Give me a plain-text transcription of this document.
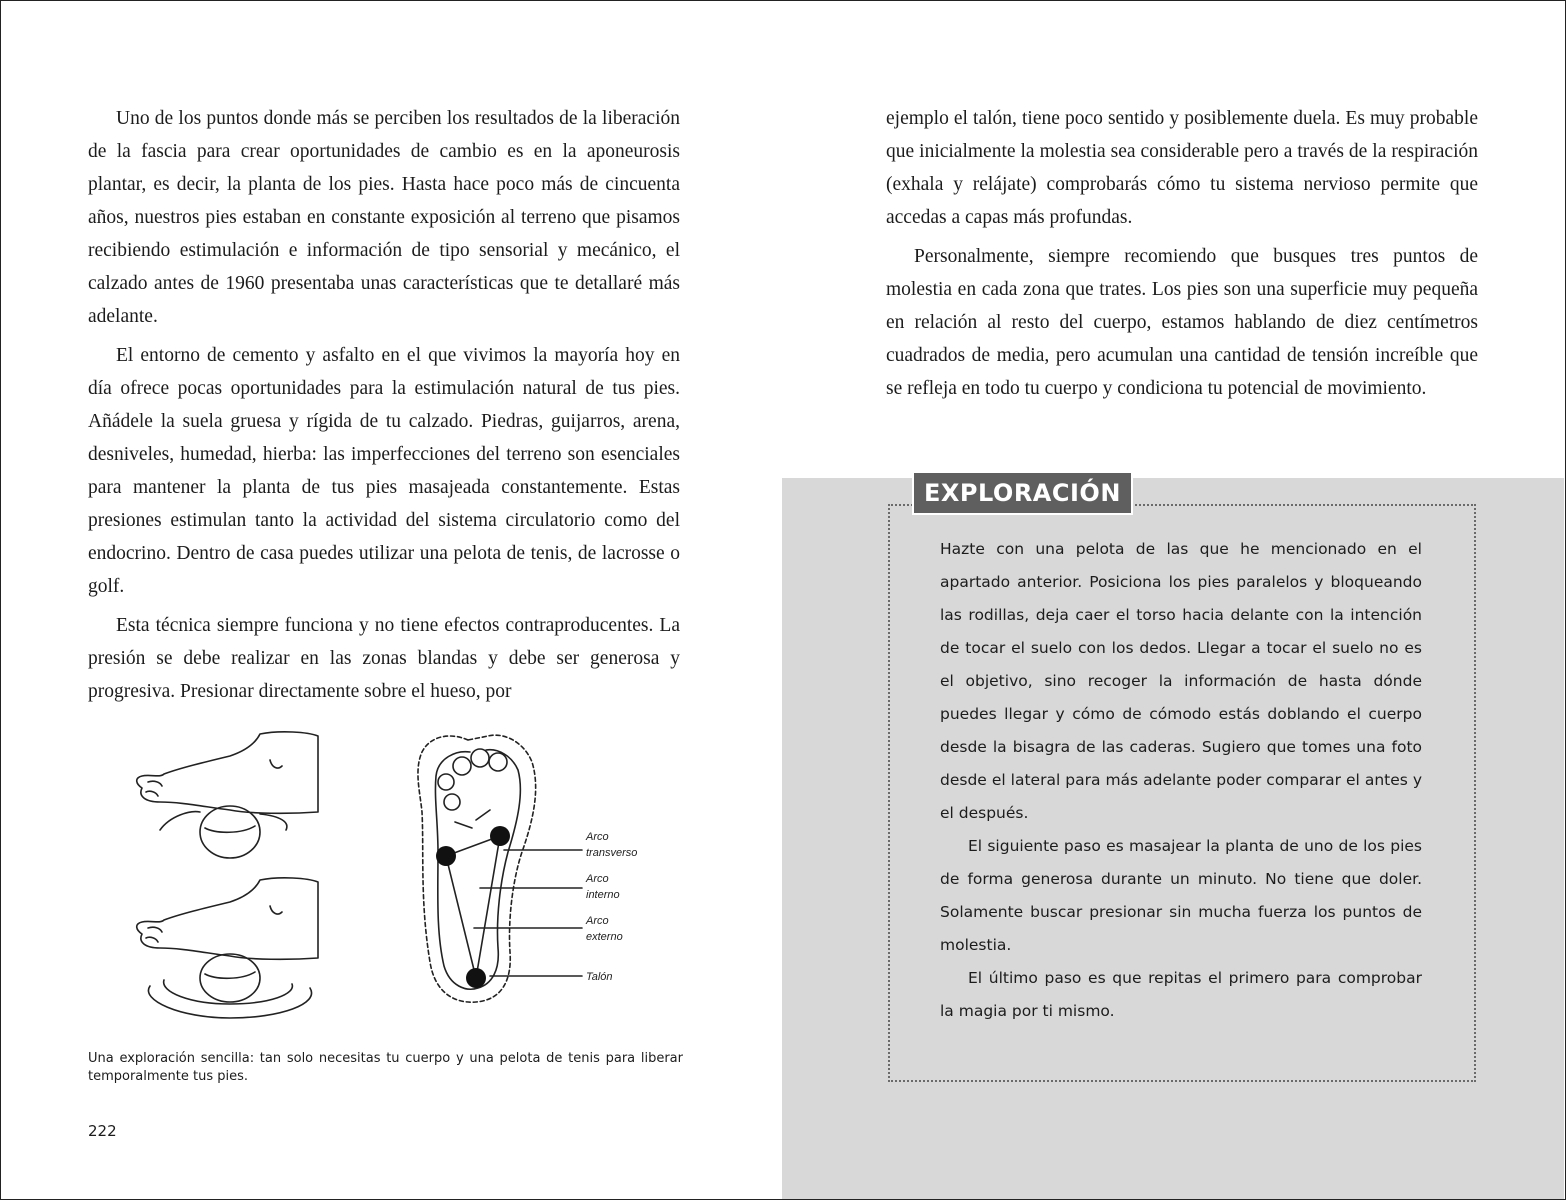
Uno de los puntos donde más se perciben los resultados de la liberación de la fascia para crear oportunidades de cambio es en la aponeurosis plantar, es decir, la planta de los pies. Hasta hace poco más de cincuenta años, nuestros pies estaban en constante exposición al terreno que pisamos recibiendo estimulación e información de tipo sensorial y mecánico, el calzado antes de 1960 presentaba unas características que te detallaré más adelante.

El entorno de cemento y asfalto en el que vivimos la mayoría hoy en día ofrece pocas oportunidades para la estimulación natural de tus pies. Añádele la suela gruesa y rígida de tu calzado. Piedras, guijarros, arena, desniveles, humedad, hierba: las imperfecciones del terreno son esenciales para mantener la planta de tus pies masajeada constantemente. Estas presiones estimulan tanto la actividad del sistema circulatorio como del endocrino. Dentro de casa puedes utilizar una pelota de tenis, de lacrosse o golf.

Esta técnica siempre funciona y no tiene efectos contraproducentes. La presión se debe realizar en las zonas blandas y debe ser generosa y progresiva. Presionar directamente sobre el hueso, por

Arco
transverso
Arco
interno
Arco
externo
Talón
Una exploración sencilla: tan solo necesitas tu cuerpo y una pelota de tenis para liberar temporalmente tus pies.
222

ejemplo el talón, tiene poco sentido y posiblemente duela. Es muy probable que inicialmente la molestia sea considerable pero a través de la respiración (exhala y relájate) comprobarás cómo tu sistema nervioso permite que accedas a capas más profundas.

Personalmente, siempre recomiendo que busques tres puntos de molestia en cada zona que trates. Los pies son una superficie muy pequeña en relación al resto del cuerpo, estamos hablando de diez centímetros cuadrados de media, pero acumulan una cantidad de tensión increíble que se refleja en todo tu cuerpo y condiciona tu potencial de movimiento.

EXPLORACIÓN

Hazte con una pelota de las que he mencionado en el apartado anterior. Posiciona los pies paralelos y bloqueando las rodillas, deja caer el torso hacia delante con la intención de tocar el suelo con los dedos. Llegar a tocar el suelo no es el objetivo, sino recoger la información de hasta dónde puedes llegar y cómo de cómodo estás doblando el cuerpo desde la bisagra de las caderas. Sugiero que tomes una foto desde el lateral para más adelante poder comparar el antes y el después.

El siguiente paso es masajear la planta de uno de los pies de forma generosa durante un minuto. No tiene que doler. Solamente buscar presionar sin mucha fuerza los puntos de molestia.

El último paso es que repitas el primero para comprobar la magia por ti mismo.
